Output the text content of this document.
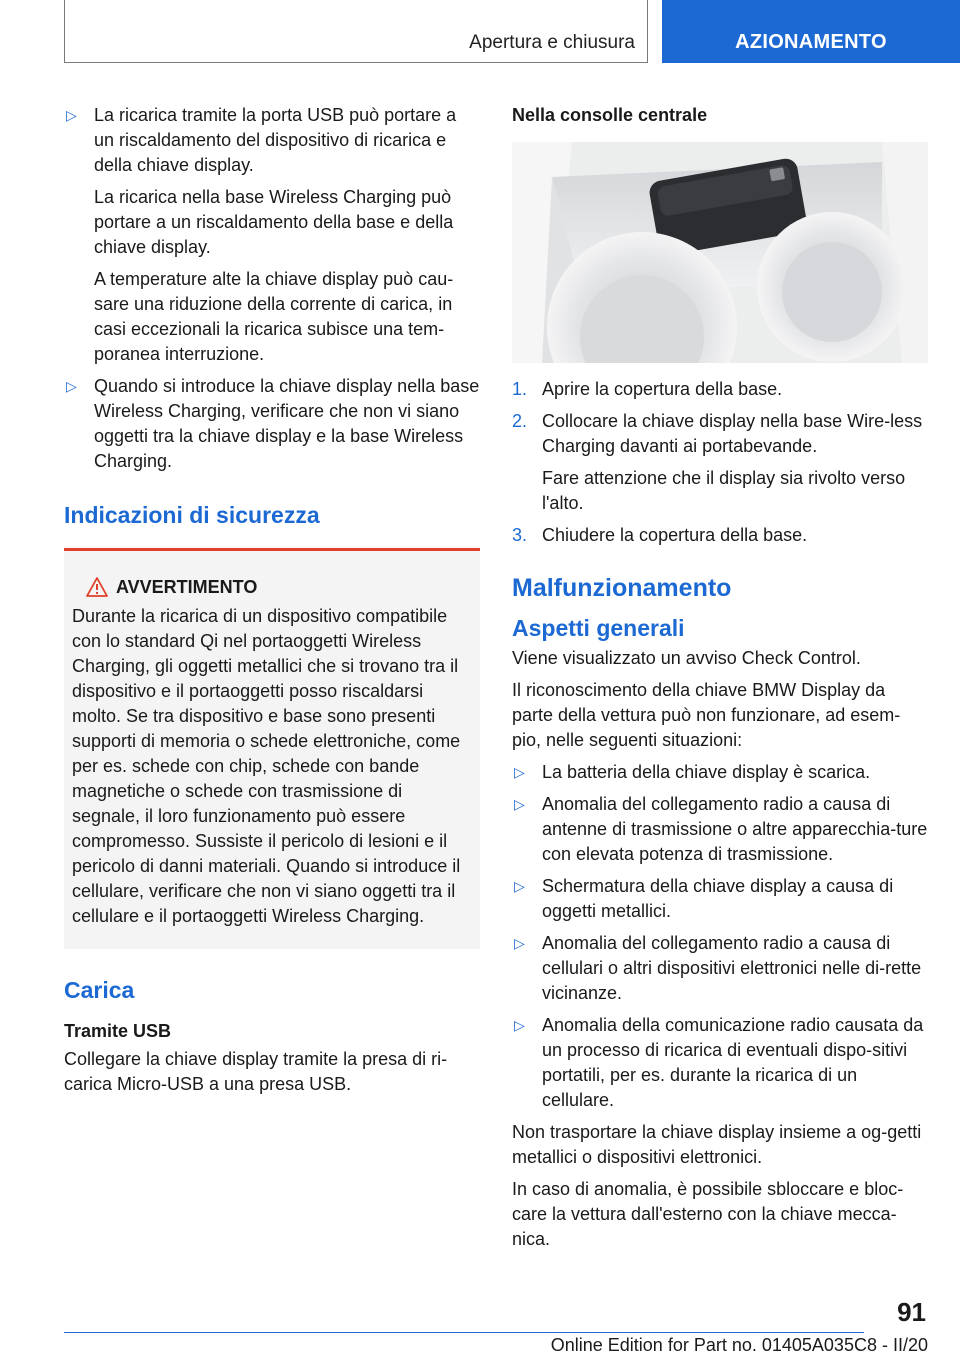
Apertura e chiusura	AZIONAMENTO

▷ La ricarica tramite la porta USB può portare a un riscaldamento del dispositivo di ricarica e della chiave display.

La ricarica nella base Wireless Charging può portare a un riscaldamento della base e della chiave display.

A temperature alte la chiave display può cau‐sare una riduzione della corrente di carica, in casi eccezionali la ricarica subisce una tem‐poranea interruzione.

▷ Quando si introduce la chiave display nella base Wireless Charging, verificare che non vi siano oggetti tra la chiave display e la base Wireless Charging.

Indicazioni di sicurezza
AVVERTIMENTO

Durante la ricarica di un dispositivo compatibile con lo standard Qi nel portaoggetti Wireless Charging, gli oggetti metallici che si trovano tra il dispositivo e il portaoggetti posso riscaldarsi molto. Se tra dispositivo e base sono presenti supporti di memoria o schede elettroniche, come per es. schede con chip, schede con bande magnetiche o schede con trasmissione di segnale, il loro funzionamento può essere compromesso. Sussiste il pericolo di lesioni e il pericolo di danni materiali. Quando si introduce il cellulare, verificare che non vi siano oggetti tra il cellulare e il portaoggetti Wireless Charging.

Carica
Tramite USB

Collegare la chiave display tramite la presa di ri‐carica Micro-USB a una presa USB.

Nella consolle centrale

1. Aprire la copertura della base.

2. Collocare la chiave display nella base Wire‐less Charging davanti ai portabevande.

Fare attenzione che il display sia rivolto verso l'alto.

3. Chiudere la copertura della base.

Malfunzionamento
Aspetti generali

Viene visualizzato un avviso Check Control.

Il riconoscimento della chiave BMW Display da parte della vettura può non funzionare, ad esem‐pio, nelle seguenti situazioni:

▷ La batteria della chiave display è scarica.
▷ Anomalia del collegamento radio a causa di antenne di trasmissione o altre apparecchia‐ture con elevata potenza di trasmissione.
▷ Schermatura della chiave display a causa di oggetti metallici.
▷ Anomalia del collegamento radio a causa di cellulari o altri dispositivi elettronici nelle di‐rette vicinanze.
▷ Anomalia della comunicazione radio causata da un processo di ricarica di eventuali dispo‐sitivi portatili, per es. durante la ricarica di un cellulare.

Non trasportare la chiave display insieme a og‐getti metallici o dispositivi elettronici.

In caso di anomalia, è possibile sbloccare e bloc‐care la vettura dall'esterno con la chiave mecca‐nica.

91
Online Edition for Part no. 01405A035C8 - II/20
